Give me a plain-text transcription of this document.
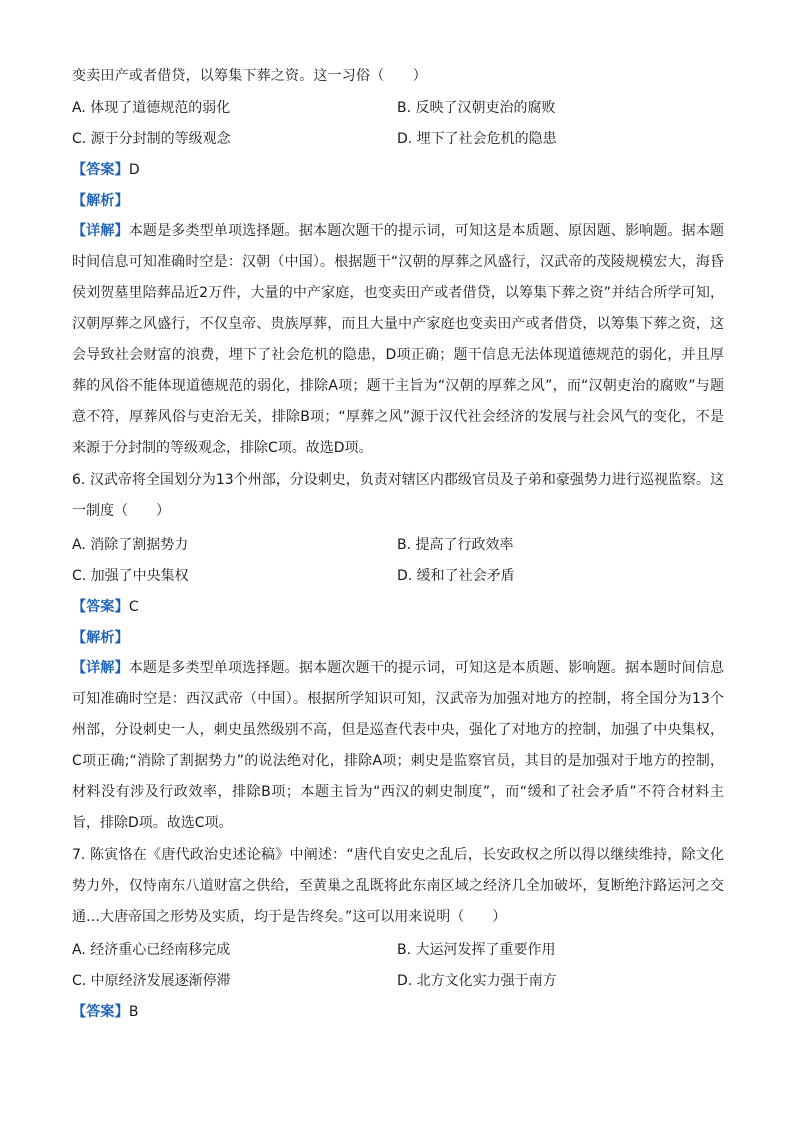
变卖田产或者借贷，以筹集下葬之资。这一习俗（　　）
A. 体现了道德规范的弱化	B. 反映了汉朝吏治的腐败
C. 源于分封制的等级观念	D. 埋下了社会危机的隐患
【答案】D
【解析】
【详解】本题是多类型单项选择题。据本题次题干的提示词，可知这是本质题、原因题、影响题。据本题时间信息可知准确时空是：汉朝（中国）。根据题干“汉朝的厚葬之风盛行，汉武帝的茂陵规模宏大，海昏侯刘贺墓里陪葬品近2万件，大量的中产家庭，也变卖田产或者借贷，以筹集下葬之资”并结合所学可知，汉朝厚葬之风盛行，不仅皇帝、贵族厚葬，而且大量中产家庭也变卖田产或者借贷，以筹集下葬之资，这会导致社会财富的浪费，埋下了社会危机的隐患，D项正确；题干信息无法体现道德规范的弱化，并且厚葬的风俗不能体现道德规范的弱化，排除A项；题干主旨为“汉朝的厚葬之风”，而“汉朝吏治的腐败”与题意不符，厚葬风俗与吏治无关，排除B项；“厚葬之风”源于汉代社会经济的发展与社会风气的变化，不是来源于分封制的等级观念，排除C项。故选D项。
6. 汉武帝将全国划分为13个州部，分设刺史，负责对辖区内郡级官员及子弟和豪强势力进行巡视监察。这一制度（　　）
A. 消除了割据势力	B. 提高了行政效率
C. 加强了中央集权	D. 缓和了社会矛盾
【答案】C
【解析】
【详解】本题是多类型单项选择题。据本题次题干的提示词，可知这是本质题、影响题。据本题时间信息可知准确时空是：西汉武帝（中国）。根据所学知识可知，汉武帝为加强对地方的控制，将全国分为13个州部，分设刺史一人，刺史虽然级别不高，但是巡查代表中央，强化了对地方的控制，加强了中央集权，C项正确;“消除了割据势力”的说法绝对化，排除A项；刺史是监察官员，其目的是加强对于地方的控制，材料没有涉及行政效率，排除B项；本题主旨为“西汉的刺史制度”，而“缓和了社会矛盾”不符合材料主旨，排除D项。故选C项。
7. 陈寅恪在《唐代政治史述论稿》中阐述：“唐代自安史之乱后，长安政权之所以得以继续维持，除文化势力外，仅恃南东八道财富之供给，至黄巢之乱既将此东南区域之经济几全加破坏，复断绝汴路运河之交通…大唐帝国之形势及实质，均于是告终矣。”这可以用来说明（　　）
A. 经济重心已经南移完成	B. 大运河发挥了重要作用
C. 中原经济发展逐渐停滞	D. 北方文化实力强于南方
【答案】B
